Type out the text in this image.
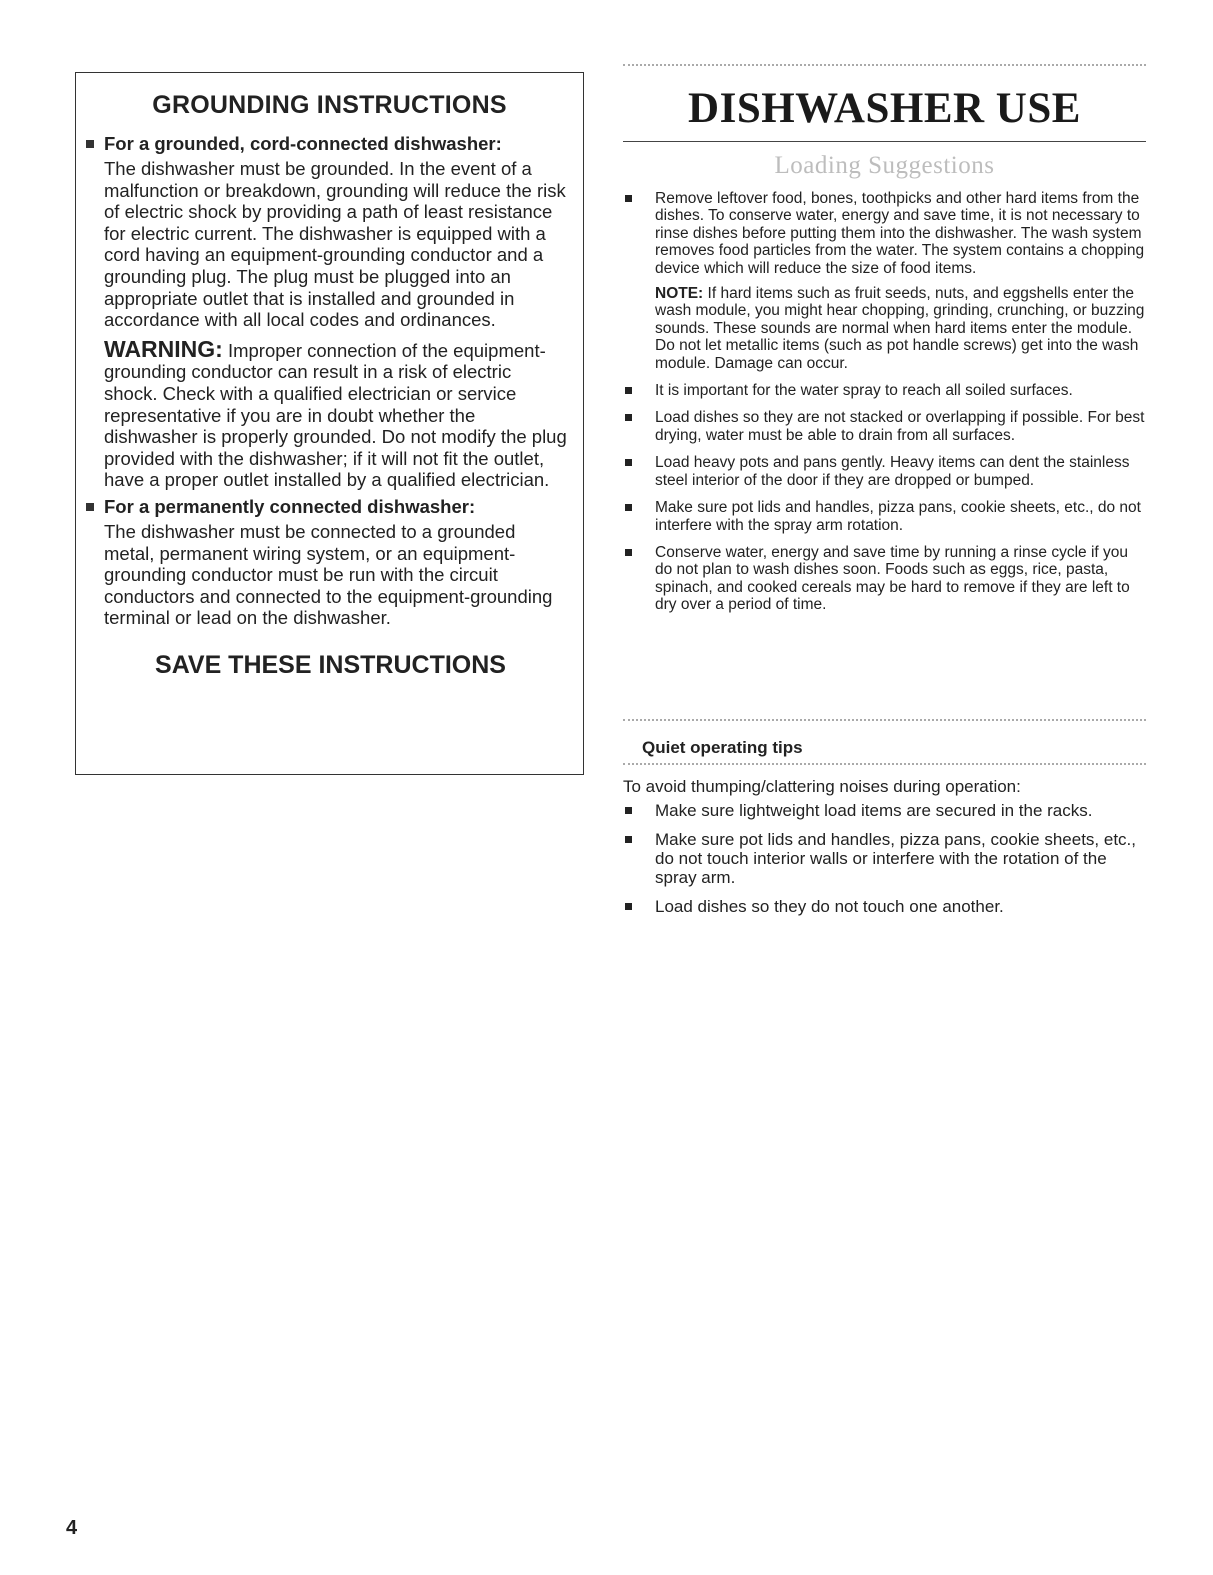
GROUNDING INSTRUCTIONS
For a grounded, cord-connected dishwasher:
The dishwasher must be grounded. In the event of a malfunction or breakdown, grounding will reduce the risk of electric shock by providing a path of least resistance for electric current. The dishwasher is equipped with a cord having an equipment-grounding conductor and a grounding plug. The plug must be plugged into an appropriate outlet that is installed and grounded in accordance with all local codes and ordinances.
WARNING: Improper connection of the equipment-grounding conductor can result in a risk of electric shock. Check with a qualified electrician or service representative if you are in doubt whether the dishwasher is properly grounded. Do not modify the plug provided with the dishwasher; if it will not fit the outlet, have a proper outlet installed by a qualified electrician.
For a permanently connected dishwasher:
The dishwasher must be connected to a grounded metal, permanent wiring system, or an equipment-grounding conductor must be run with the circuit conductors and connected to the equipment-grounding terminal or lead on the dishwasher.
SAVE THESE INSTRUCTIONS
DISHWASHER USE
Loading Suggestions
Remove leftover food, bones, toothpicks and other hard items from the dishes. To conserve water, energy and save time, it is not necessary to rinse dishes before putting them into the dishwasher. The wash system removes food particles from the water. The system contains a chopping device which will reduce the size of food items.
NOTE: If hard items such as fruit seeds, nuts, and eggshells enter the wash module, you might hear chopping, grinding, crunching, or buzzing sounds. These sounds are normal when hard items enter the module. Do not let metallic items (such as pot handle screws) get into the wash module. Damage can occur.
It is important for the water spray to reach all soiled surfaces.
Load dishes so they are not stacked or overlapping if possible. For best drying, water must be able to drain from all surfaces.
Load heavy pots and pans gently. Heavy items can dent the stainless steel interior of the door if they are dropped or bumped.
Make sure pot lids and handles, pizza pans, cookie sheets, etc., do not interfere with the spray arm rotation.
Conserve water, energy and save time by running a rinse cycle if you do not plan to wash dishes soon. Foods such as eggs, rice, pasta, spinach, and cooked cereals may be hard to remove if they are left to dry over a period of time.
Quiet operating tips
To avoid thumping/clattering noises during operation:
Make sure lightweight load items are secured in the racks.
Make sure pot lids and handles, pizza pans, cookie sheets, etc., do not touch interior walls or interfere with the rotation of the spray arm.
Load dishes so they do not touch one another.
4
